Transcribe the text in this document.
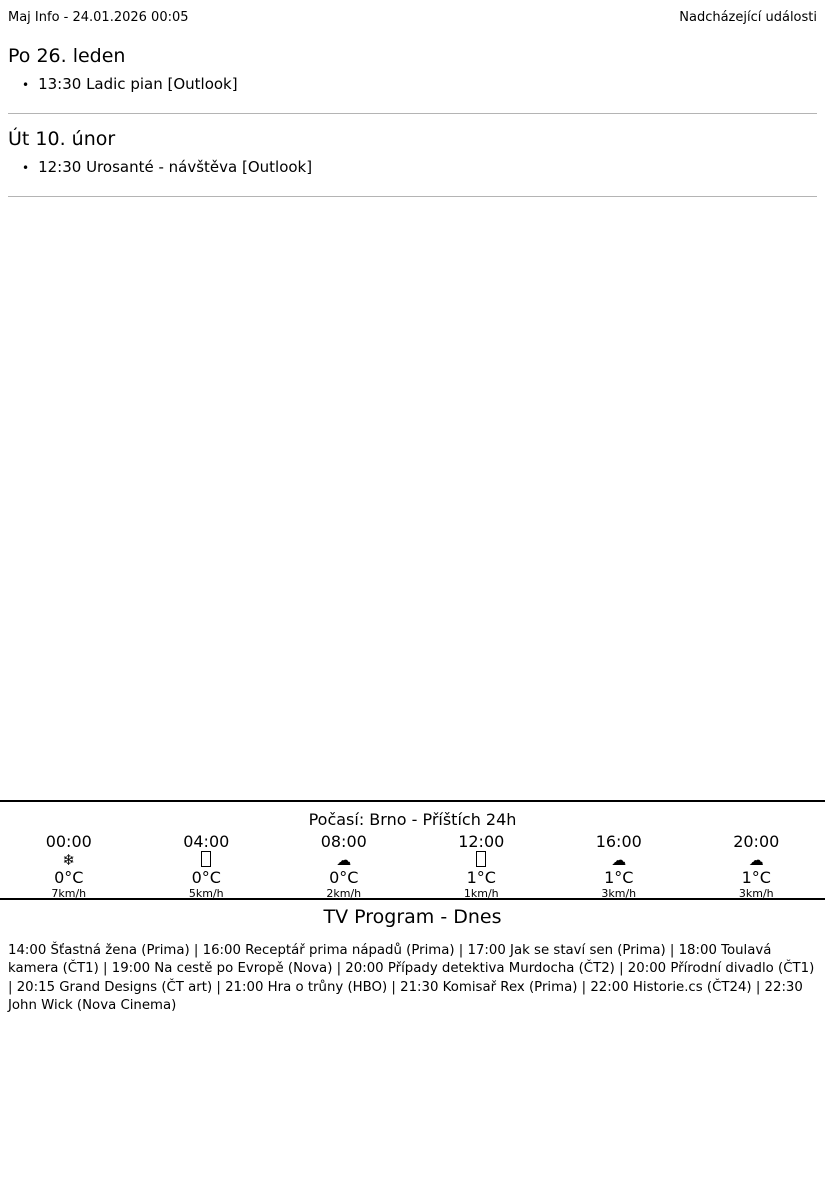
Maj Info - 24.01.2026 00:05	Nadcházející události
Po 26. leden
• 13:30 Ladic pian [Outlook]
Út 10. únor
• 12:30 Urosanté - návštěva [Outlook]
Počasí: Brno - Příštích 24h
00:00
❄
0°C
7km/h
04:00
0°C
5km/h
08:00
☁
0°C
2km/h
12:00
1°C
1km/h
16:00
☁
1°C
3km/h
20:00
☁
1°C
3km/h
TV Program - Dnes

14:00 Šťastná žena (Prima) | 16:00 Receptář prima nápadů (Prima) | 17:00 Jak se staví sen (Prima) | 18:00 Toulavá kamera (ČT1) | 19:00 Na cestě po Evropě (Nova) | 20:00 Případy detektiva Murdocha (ČT2) | 20:00 Přírodní divadlo (ČT1) | 20:15 Grand Designs (ČT art) | 21:00 Hra o trůny (HBO) | 21:30 Komisař Rex (Prima) | 22:00 Historie.cs (ČT24) | 22:30 John Wick (Nova Cinema)
